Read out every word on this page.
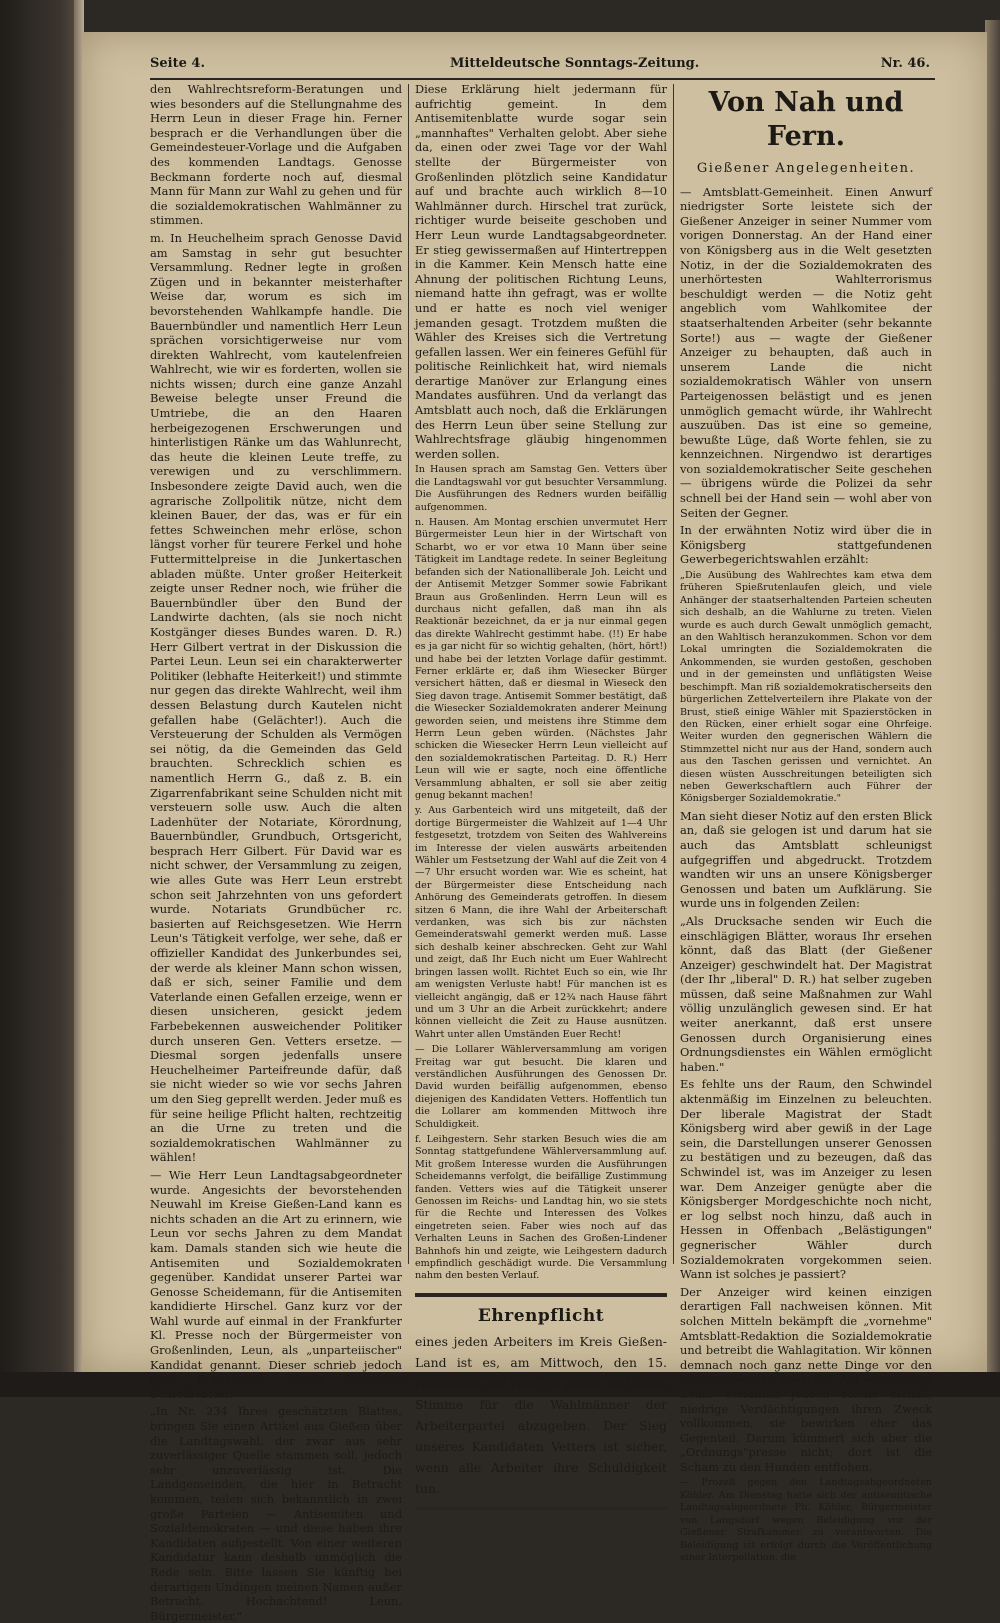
Seite 4.	Mitteldeutsche Sonntags-Zeitung.	Nr. 46.

den Wahlrechtsreform-Beratungen und wies besonders auf die Stellungnahme des Herrn Leun in dieser Frage hin. Ferner besprach er die Verhandlungen über die Gemeindesteuer-Vorlage und die Aufgaben des kommenden Landtags. Genosse Beckmann forderte noch auf, diesmal Mann für Mann zur Wahl zu gehen und für die sozialdemokratischen Wahlmänner zu stimmen.

m. In Heuchelheim sprach Genosse David am Samstag in sehr gut besuchter Versammlung. Redner legte in großen Zügen und in bekannter meisterhafter Weise dar, worum es sich im bevorstehenden Wahlkampfe handle. Die Bauernbündler und namentlich Herr Leun sprächen vorsichtigerweise nur vom direkten Wahlrecht, vom kautelenfreien Wahlrecht, wie wir es forderten, wollen sie nichts wissen; durch eine ganze Anzahl Beweise belegte unser Freund die Umtriebe, die an den Haaren herbeigezogenen Erschwerungen und hinterlistigen Ränke um das Wahlunrecht, das heute die kleinen Leute treffe, zu verewigen und zu verschlimmern. Insbesondere zeigte David auch, wen die agrarische Zollpolitik nütze, nicht dem kleinen Bauer, der das, was er für ein fettes Schweinchen mehr erlöse, schon längst vorher für teurere Ferkel und hohe Futtermittelpreise in die Junkertaschen abladen müßte. Unter großer Heiterkeit zeigte unser Redner noch, wie früher die Bauernbündler über den Bund der Landwirte dachten, (als sie noch nicht Kostgänger dieses Bundes waren. D. R.) Herr Gilbert vertrat in der Diskussion die Partei Leun. Leun sei ein charakterwerter Politiker (lebhafte Heiterkeit!) und stimmte nur gegen das direkte Wahlrecht, weil ihm dessen Belastung durch Kautelen nicht gefallen habe (Gelächter!). Auch die Versteuerung der Schulden als Vermögen sei nötig, da die Gemeinden das Geld brauchten. Schrecklich schien es namentlich Herrn G., daß z. B. ein Zigarrenfabrikant seine Schulden nicht mit versteuern solle usw. Auch die alten Ladenhüter der Notariate, Körordnung, Bauernbündler, Grundbuch, Ortsgericht, besprach Herr Gilbert. Für David war es nicht schwer, der Versammlung zu zeigen, wie alles Gute was Herr Leun erstrebt schon seit Jahrzehnten von uns gefordert wurde. Notariats Grundbücher rc. basierten auf Reichsgesetzen. Wie Herrn Leun's Tätigkeit verfolge, wer sehe, daß er offizieller Kandidat des Junkerbundes sei, der werde als kleiner Mann schon wissen, daß er sich, seiner Familie und dem Vaterlande einen Gefallen erzeige, wenn er diesen unsicheren, gesickt jedem Farbebekennen ausweichender Politiker durch unseren Gen. Vetters ersetze. — Diesmal sorgen jedenfalls unsere Heuchelheimer Parteifreunde dafür, daß sie nicht wieder so wie vor sechs Jahren um den Sieg geprellt werden. Jeder muß es für seine heilige Pflicht halten, rechtzeitig an die Urne zu treten und die sozialdemokratischen Wahlmänner zu wählen!

— Wie Herr Leun Landtagsabgeordneter wurde. Angesichts der bevorstehenden Neuwahl im Kreise Gießen-Land kann es nichts schaden an die Art zu erinnern, wie Leun vor sechs Jahren zu dem Mandat kam. Damals standen sich wie heute die Antisemiten und Sozialdemokraten gegenüber. Kandidat unserer Partei war Genosse Scheidemann, für die Antisemiten kandidierte Hirschel. Ganz kurz vor der Wahl wurde auf einmal in der Frankfurter Kl. Presse noch der Bürgermeister von Großenlinden, Leun, als „unparteiischer" Kandidat genannt. Dieser schrieb jedoch dem Frankfurter Blatte folgenden Schreibebrief:

„In Nr. 234 Ihres geschätzten Blattes, bringen Sie einen Artikel aus Gießen über die Landtagswahl, der zwar aus sehr zuverlässiger Quelle stammen soll, jedoch sehr unzuverlässig ist. Die Landgemeinden, die hier in Betracht kommen, teilen sich bekanntlich in zwei große Parteien — Antisemiten und Sozialdemokraten — und diese haben ihre Kandidaten aufgestellt. Von einer weiteren Kandidatur kann deshalb unmöglich die Rede sein. Bitte lassen Sie künftig bei derartigen Undingen meinen Namen außer Betracht. Hochachtend! Leun, Bürgermeister."

Diese Erklärung hielt jedermann für aufrichtig gemeint. In dem Antisemitenblatte wurde sogar sein „mannhaftes" Verhalten gelobt. Aber siehe da, einen oder zwei Tage vor der Wahl stellte der Bürgermeister von Großenlinden plötzlich seine Kandidatur auf und brachte auch wirklich 8—10 Wahlmänner durch. Hirschel trat zurück, richtiger wurde beiseite geschoben und Herr Leun wurde Landtagsabgeordneter. Er stieg gewissermaßen auf Hintertreppen in die Kammer. Kein Mensch hatte eine Ahnung der politischen Richtung Leuns, niemand hatte ihn gefragt, was er wollte und er hatte es noch viel weniger jemanden gesagt. Trotzdem mußten die Wähler des Kreises sich die Vertretung gefallen lassen. Wer ein feineres Gefühl für politische Reinlichkeit hat, wird niemals derartige Manöver zur Erlangung eines Mandates ausführen. Und da verlangt das Amtsblatt auch noch, daß die Erklärungen des Herrn Leun über seine Stellung zur Wahlrechtsfrage gläubig hingenommen werden sollen.

In Hausen sprach am Samstag Gen. Vetters über die Landtagswahl vor gut besuchter Versammlung. Die Ausführungen des Redners wurden beifällig aufgenommen.

n. Hausen. Am Montag erschien unvermutet Herr Bürgermeister Leun hier in der Wirtschaft von Scharbt, wo er vor etwa 10 Mann über seine Tätigkeit im Landtage redete. In seiner Begleitung befanden sich der Nationalliberale Joh. Leicht und der Antisemit Metzger Sommer sowie Fabrikant Braun aus Großenlinden. Herrn Leun will es durchaus nicht gefallen, daß man ihn als Reaktionär bezeichnet, da er ja nur einmal gegen das direkte Wahlrecht gestimmt habe. (!!) Er habe es ja gar nicht für so wichtig gehalten, (hört, hört!) und habe bei der letzten Vorlage dafür gestimmt. Ferner erklärte er, daß ihm Wiesecker Bürger versichert hätten, daß er diesmal in Wieseck den Sieg davon trage. Antisemit Sommer bestätigt, daß die Wiesecker Sozialdemokraten anderer Meinung geworden seien, und meistens ihre Stimme dem Herrn Leun geben würden. (Nächstes Jahr schicken die Wiesecker Herrn Leun vielleicht auf den sozialdemokratischen Parteitag. D. R.) Herr Leun will wie er sagte, noch eine öffentliche Versammlung abhalten, er soll sie aber zeitig genug bekannt machen!

y. Aus Garbenteich wird uns mitgeteilt, daß der dortige Bürgermeister die Wahlzeit auf 1—4 Uhr festgesetzt, trotzdem von Seiten des Wahlvereins im Interesse der vielen auswärts arbeitenden Wähler um Festsetzung der Wahl auf die Zeit von 4—7 Uhr ersucht worden war. Wie es scheint, hat der Bürgermeister diese Entscheidung nach Anhörung des Gemeinderats getroffen. In diesem sitzen 6 Mann, die ihre Wahl der Arbeiterschaft verdanken, was sich bis zur nächsten Gemeinderatswahl gemerkt werden muß. Lasse sich deshalb keiner abschrecken. Geht zur Wahl und zeigt, daß Ihr Euch nicht um Euer Wahlrecht bringen lassen wollt. Richtet Euch so ein, wie Ihr am wenigsten Verluste habt! Für manchen ist es vielleicht angängig, daß er 12¾ nach Hause fährt und um 3 Uhr an die Arbeit zurückkehrt; andere können vielleicht die Zeit zu Hause ausnützen. Wahrt unter allen Umständen Euer Recht!

— Die Lollarer Wählerversammlung am vorigen Freitag war gut besucht. Die klaren und verständlichen Ausführungen des Genossen Dr. David wurden beifällig aufgenommen, ebenso diejenigen des Kandidaten Vetters. Hoffentlich tun die Lollarer am kommenden Mittwoch ihre Schuldigkeit.

f. Leihgestern. Sehr starken Besuch wies die am Sonntag stattgefundene Wählerversammlung auf. Mit großem Interesse wurden die Ausführungen Scheidemanns verfolgt, die beifällige Zustimmung fanden. Vetters wies auf die Tätigkeit unserer Genossen im Reichs- und Landtag hin, wo sie stets für die Rechte und Interessen des Volkes eingetreten seien. Faber wies noch auf das Verhalten Leuns in Sachen des Großen-Lindener Bahnhofs hin und zeigte, wie Leihgestern dadurch empfindlich geschädigt wurde. Die Versammlung nahm den besten Verlauf.

Ehrenpflicht

eines jeden Arbeiters im Kreis Gießen-Land ist es, am Mittwoch, den 15. November zur Wahl zu gehen und seine Stimme für die Wahlmänner der Arbeiterpartei abzugeben. Der Sieg unseres Kandidaten Vetters ist sicher, wenn alle Arbeiter ihre Schuldigkeit tun.

Von Nah und Fern.
Gießener Angelegenheiten.

— Amtsblatt-Gemeinheit. Einen Anwurf niedrigster Sorte leistete sich der Gießener Anzeiger in seiner Nummer vom vorigen Donnerstag. An der Hand einer von Königsberg aus in die Welt gesetzten Notiz, in der die Sozialdemokraten des unerhörtesten Wahlterrorismus beschuldigt werden — die Notiz geht angeblich vom Wahlkomitee der staatserhaltenden Arbeiter (sehr bekannte Sorte!) aus — wagte der Gießener Anzeiger zu behaupten, daß auch in unserem Lande die nicht sozialdemokratisch Wähler von unsern Parteigenossen belästigt und es jenen unmöglich gemacht würde, ihr Wahlrecht auszuüben. Das ist eine so gemeine, bewußte Lüge, daß Worte fehlen, sie zu kennzeichnen. Nirgendwo ist derartiges von sozialdemokratischer Seite geschehen — übrigens würde die Polizei da sehr schnell bei der Hand sein — wohl aber von Seiten der Gegner.

In der erwähnten Notiz wird über die in Königsberg stattgefundenen Gewerbegerichtswahlen erzählt:

„Die Ausübung des Wahlrechtes kam etwa dem früheren Spießrutenlaufen gleich, und viele Anhänger der staatserhaltenden Parteien scheuten sich deshalb, an die Wahlurne zu treten. Vielen wurde es auch durch Gewalt unmöglich gemacht, an den Wahltisch heranzukommen. Schon vor dem Lokal umringten die Sozialdemokraten die Ankommenden, sie wurden gestoßen, geschoben und in der gemeinsten und unflätigsten Weise beschimpft. Man riß sozialdemokratischerseits den bürgerlichen Zettelverteilern ihre Plakate von der Brust, stieß einige Wähler mit Spazierstöcken in den Rücken, einer erhielt sogar eine Ohrfeige. Weiter wurden den gegnerischen Wählern die Stimmzettel nicht nur aus der Hand, sondern auch aus den Taschen gerissen und vernichtet. An diesen wüsten Ausschreitungen beteiligten sich neben Gewerkschaftlern auch Führer der Königsberger Sozialdemokratie."

Man sieht dieser Notiz auf den ersten Blick an, daß sie gelogen ist und darum hat sie auch das Amtsblatt schleunigst aufgegriffen und abgedruckt. Trotzdem wandten wir uns an unsere Königsberger Genossen und baten um Aufklärung. Sie wurde uns in folgenden Zeilen:

„Als Drucksache senden wir Euch die einschlägigen Blätter, woraus Ihr ersehen könnt, daß das Blatt (der Gießener Anzeiger) geschwindelt hat. Der Magistrat (der Ihr „liberal" D. R.) hat selber zugeben müssen, daß seine Maßnahmen zur Wahl völlig unzulänglich gewesen sind. Er hat weiter anerkannt, daß erst unsere Genossen durch Organisierung eines Ordnungsdienstes ein Wählen ermöglicht haben."

Es fehlte uns der Raum, den Schwindel aktenmäßig im Einzelnen zu beleuchten. Der liberale Magistrat der Stadt Königsberg wird aber gewiß in der Lage sein, die Darstellungen unserer Genossen zu bestätigen und zu bezeugen, daß das Schwindel ist, was im Anzeiger zu lesen war. Dem Anzeiger genügte aber die Königsberger Mordgeschichte noch nicht, er log selbst noch hinzu, daß auch in Hessen in Offenbach „Belästigungen" gegnerischer Wähler durch Sozialdemokraten vorgekommen seien. Wann ist solches je passiert?

Der Anzeiger wird keinen einzigen derartigen Fall nachweisen können. Mit solchen Mitteln bekämpft die „vornehme" Amtsblatt-Redaktion die Sozialdemokratie und betreibt die Wahlagitation. Wir können demnach noch ganz nette Dinge vor den Landtagswahlen erwarten. Auf verständige Leute verfehlen jedoch solche elende, niedrige Verdächtigungen ihren Zweck vollkommen, sie bewirken eher das Gegenteil. Darum kümmert sich aber die „Ordnungs"presse nicht; dort ist die Scham zu den Hunden entflohen.

— Prozeß gegen den Landtagsabgeordneten Köhler. Am Dienstag hatte sich der antisemitische Landtagsabgeordnete Ph. Köhler, Bürgermeister von Langsdorf wegen Beleidigung vor der Gießener Strafkammer zu verantworten. Die Beleidigung ist erfolgt durch die Veröffentlichung einer Interpellation, die
